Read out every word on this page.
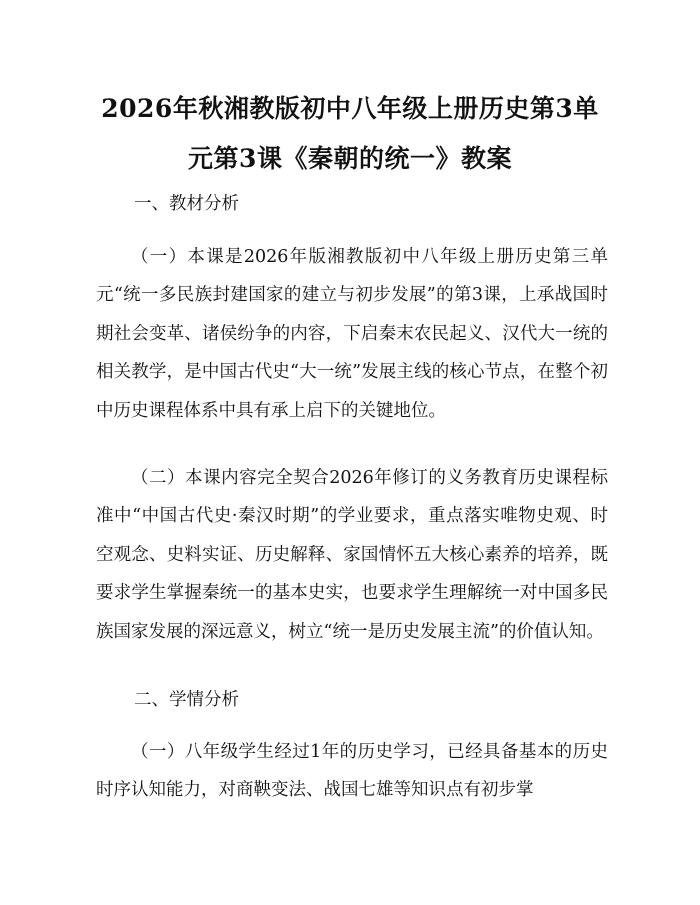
2026年秋湘教版初中八年级上册历史第3单元第3课《秦朝的统一》教案
一、教材分析

（一）本课是2026年版湘教版初中八年级上册历史第三单元“统一多民族封建国家的建立与初步发展”的第3课，上承战国时期社会变革、诸侯纷争的内容，下启秦末农民起义、汉代大一统的相关教学，是中国古代史“大一统”发展主线的核心节点，在整个初中历史课程体系中具有承上启下的关键地位。

（二）本课内容完全契合2026年修订的义务教育历史课程标准中“中国古代史·秦汉时期”的学业要求，重点落实唯物史观、时空观念、史料实证、历史解释、家国情怀五大核心素养的培养，既要求学生掌握秦统一的基本史实，也要求学生理解统一对中国多民族国家发展的深远意义，树立“统一是历史发展主流”的价值认知。

二、学情分析

（一）八年级学生经过1年的历史学习，已经具备基本的历史时序认知能力，对商鞅变法、战国七雄等知识点有初步掌
